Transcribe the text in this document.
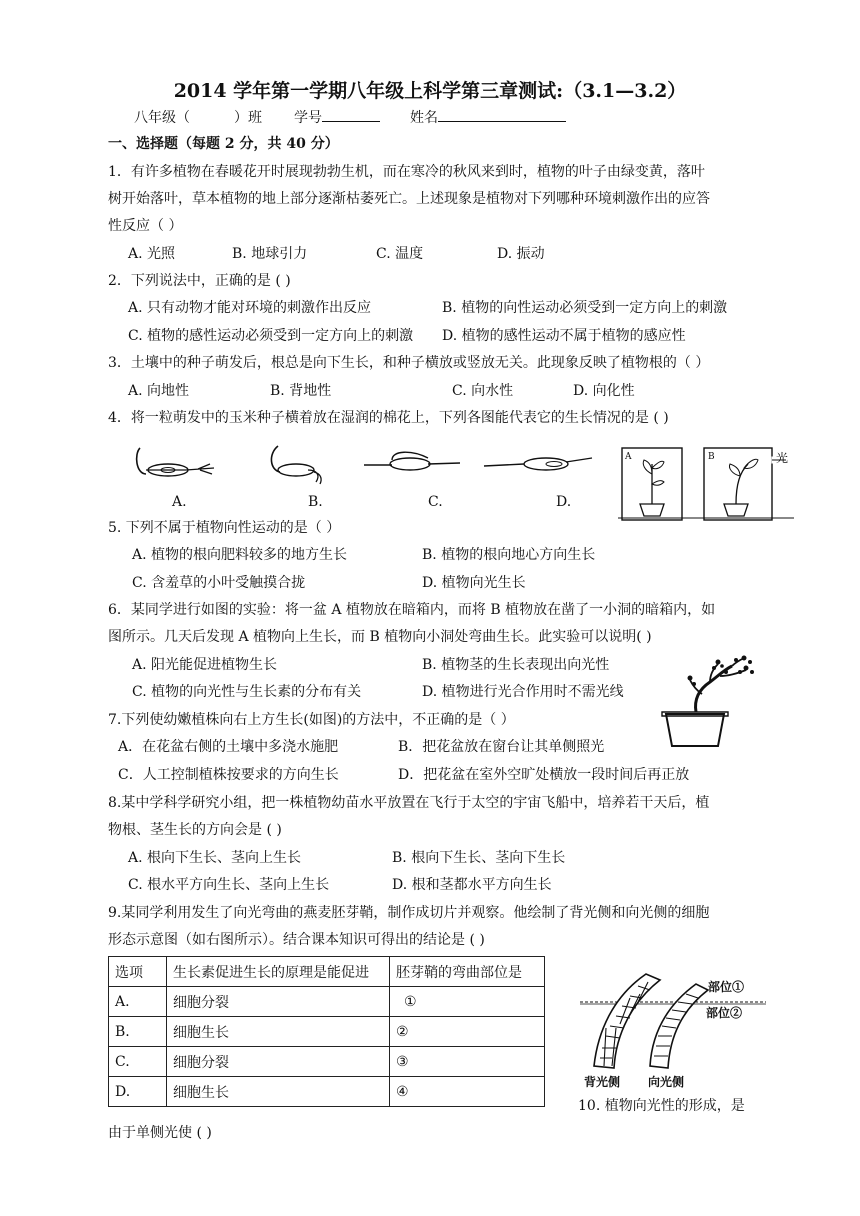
2014 学年第一学期八年级上科学第三章测试:（3.1—3.2）
八年级（	）班 学号	姓名
一、选择题（每题 2 分，共 40 分）
1．有许多植物在春暖花开时展现勃勃生机，而在寒冷的秋风来到时，植物的叶子由绿变黄，落叶
树开始落叶，草本植物的地上部分逐渐枯萎死亡。上述现象是植物对下列哪种环境刺激作出的应答
性反应（ ）
A. 光照	B. 地球引力	C. 温度	D. 振动
2．下列说法中，正确的是 ( )
A. 只有动物才能对环境的刺激作出反应	B. 植物的向性运动必须受到一定方向上的刺激
C. 植物的感性运动必须受到一定方向上的刺激 D. 植物的感性运动不属于植物的感应性
3．土壤中的种子萌发后，根总是向下生长，和种子横放或竖放无关。此现象反映了植物根的（ ）
A. 向地性	B. 背地性	C. 向水性	D. 向化性
4．将一粒萌发中的玉米种子横着放在湿润的棉花上，下列各图能代表它的生长情况的是 ( )
A.	B.	C.	D.
A	B	光
5. 下列不属于植物向性运动的是（ ）
A. 植物的根向肥料较多的地方生长	B. 植物的根向地心方向生长
C. 含羞草的小叶受触摸合拢	D. 植物向光生长
6．某同学进行如图的实验：将一盆 A 植物放在暗箱内，而将 B 植物放在凿了一小洞的暗箱内，如
图所示。几天后发现 A 植物向上生长，而 B 植物向小洞处弯曲生长。此实验可以说明( )
A. 阳光能促进植物生长	B. 植物茎的生长表现出向光性
C. 植物的向光性与生长素的分布有关	D. 植物进行光合作用时不需光线
7.下列使幼嫩植株向右上方生长(如图)的方法中，不正确的是（ ）
A．在花盆右侧的土壤中多浇水施肥	B．把花盆放在窗台让其单侧照光
C．人工控制植株按要求的方向生长	D．把花盆在室外空旷处横放一段时间后再正放
8.某中学科学研究小组，把一株植物幼苗水平放置在飞行于太空的宇宙飞船中，培养若干天后，植
物根、茎生长的方向会是 ( )
A. 根向下生长、茎向上生长	B. 根向下生长、茎向下生长
C. 根水平方向生长、茎向上生长	D. 根和茎都水平方向生长
9.某同学利用发生了向光弯曲的燕麦胚芽鞘，制作成切片并观察。他绘制了背光侧和向光侧的细胞
形态示意图（如右图所示）。结合课本知识可得出的结论是 ( )
选项	生长素促进生长的原理是能促进	胚芽鞘的弯曲部位是
A.	细胞分裂	①
B.	细胞生长	②
C.	细胞分裂	③
D.	细胞生长	④
部位①
部位②
背光侧 向光侧
10. 植物向光性的形成，是
由于单侧光使 ( )
